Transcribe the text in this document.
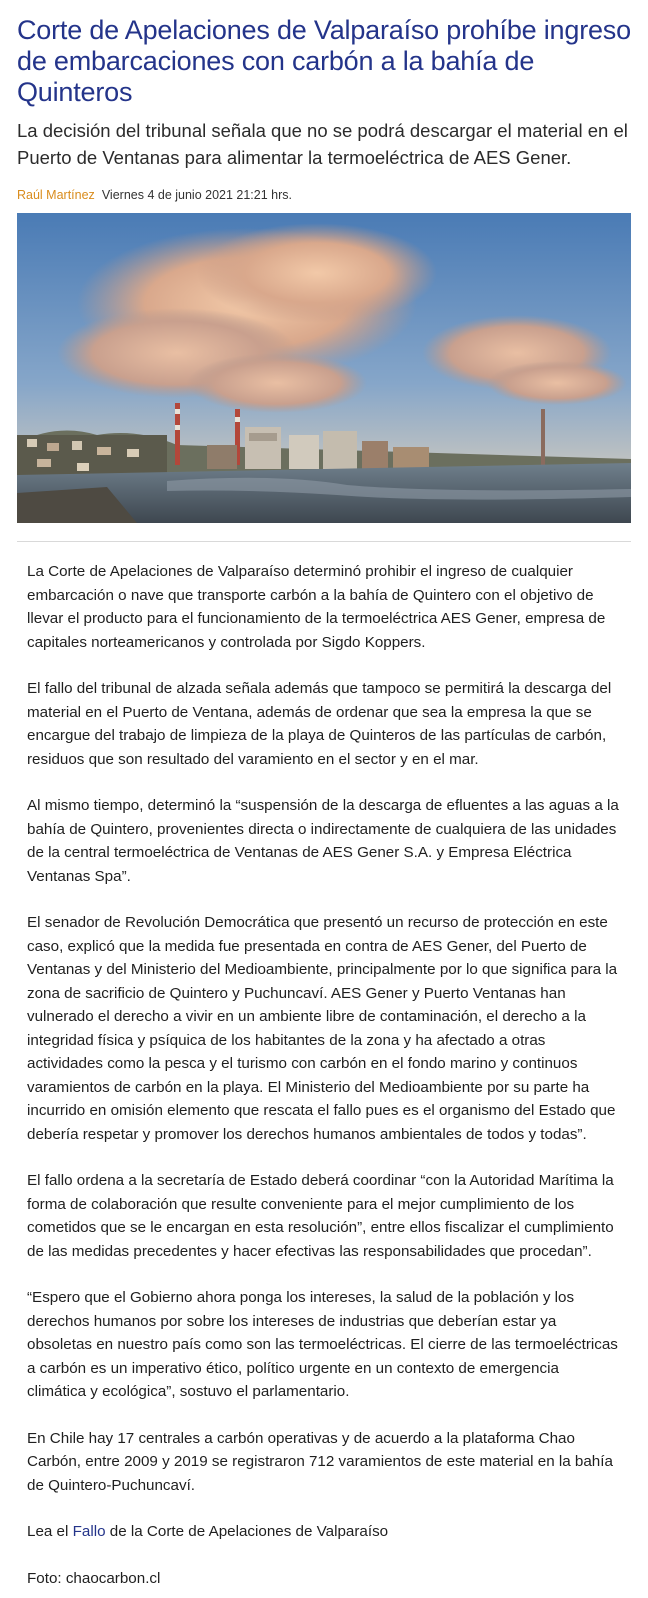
Corte de Apelaciones de Valparaíso prohíbe ingreso de embarcaciones con carbón a la bahía de Quinteros
La decisión del tribunal señala que no se podrá descargar el material en el Puerto de Ventanas para alimentar la termoeléctrica de AES Gener.
Raúl Martínez Viernes 4 de junio 2021 21:21 hrs.

La Corte de Apelaciones de Valparaíso determinó prohibir el ingreso de cualquier embarcación o nave que transporte carbón a la bahía de Quintero con el objetivo de llevar el producto para el funcionamiento de la termoeléctrica AES Gener, empresa de capitales norteamericanos y controlada por Sigdo Koppers.

El fallo del tribunal de alzada señala además que tampoco se permitirá la descarga del material en el Puerto de Ventana, además de ordenar que sea la empresa la que se encargue del trabajo de limpieza de la playa de Quinteros de las partículas de carbón, residuos que son resultado del varamiento en el sector y en el mar.

Al mismo tiempo, determinó la “suspensión de la descarga de efluentes a las aguas a la bahía de Quintero, provenientes directa o indirectamente de cualquiera de las unidades de la central termoeléctrica de Ventanas de AES Gener S.A. y Empresa Eléctrica Ventanas Spa”.

El senador de Revolución Democrática que presentó un recurso de protección en este caso, explicó que la medida fue presentada en contra de AES Gener, del Puerto de Ventanas y del Ministerio del Medioambiente, principalmente por lo que significa para la zona de sacrificio de Quintero y Puchuncaví. AES Gener y Puerto Ventanas han vulnerado el derecho a vivir en un ambiente libre de contaminación, el derecho a la integridad física y psíquica de los habitantes de la zona y ha afectado a otras actividades como la pesca y el turismo con carbón en el fondo marino y continuos varamientos de carbón en la playa. El Ministerio del Medioambiente por su parte ha incurrido en omisión elemento que rescata el fallo pues es el organismo del Estado que debería respetar y promover los derechos humanos ambientales de todos y todas”.

El fallo ordena a la secretaría de Estado deberá coordinar “con la Autoridad Marítima la forma de colaboración que resulte conveniente para el mejor cumplimiento de los cometidos que se le encargan en esta resolución”, entre ellos fiscalizar el cumplimiento de las medidas precedentes y hacer efectivas las responsabilidades que procedan”.

“Espero que el Gobierno ahora ponga los intereses, la salud de la población y los derechos humanos por sobre los intereses de industrias que deberían estar ya obsoletas en nuestro país como son las termoeléctricas. El cierre de las termoeléctricas a carbón es un imperativo ético, político urgente en un contexto de emergencia climática y ecológica”, sostuvo el parlamentario.

En Chile hay 17 centrales a carbón operativas y de acuerdo a la plataforma Chao Carbón, entre 2009 y 2019 se registraron 712 varamientos de este material en la bahía de Quintero-Puchuncaví.

Lea el Fallo de la Corte de Apelaciones de Valparaíso

Foto: chaocarbon.cl
